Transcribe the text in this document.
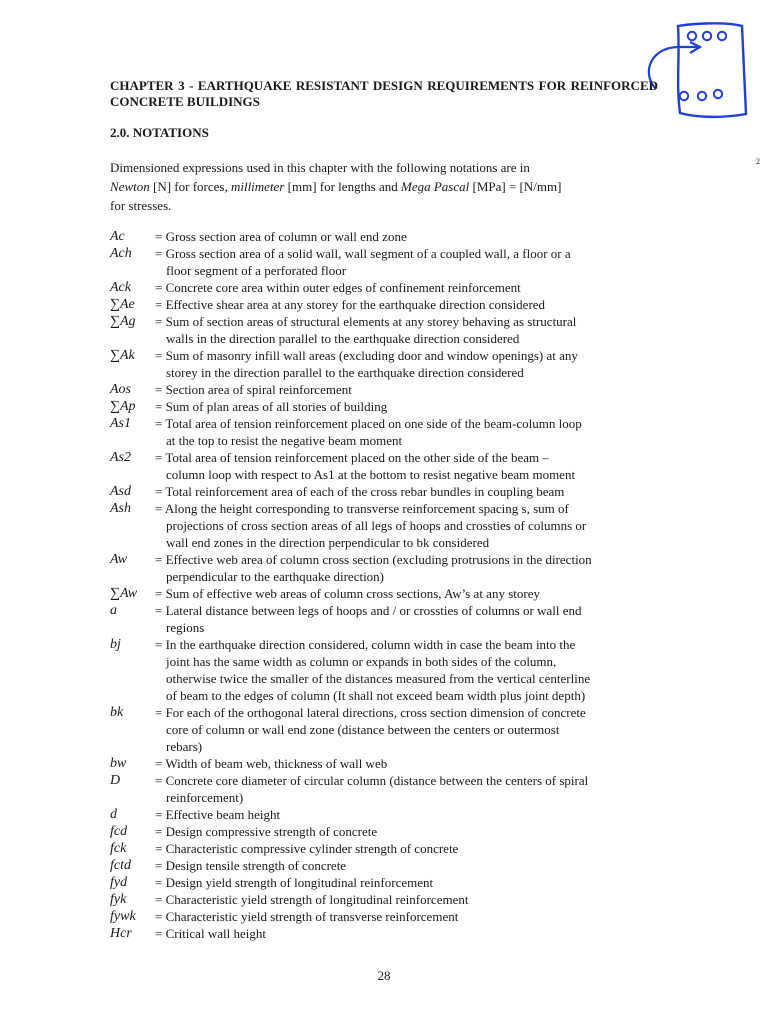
CHAPTER 3 - EARTHQUAKE RESISTANT DESIGN REQUIREMENTS FOR REINFORCED CONCRETE BUILDINGS
2.0. NOTATIONS
Dimensioned expressions used in this chapter with the following notations are in
Newton [N] for forces, millimeter [mm] for lengths and Mega Pascal [MPa] = [N/mm]
2
for stresses.
Ac	= Gross section area of column or wall end zone
Ach	= Gross section area of a solid wall, wall segment of a coupled wall, a floor or a
floor segment of a perforated floor
Ack	= Concrete core area within outer edges of confinement reinforcement
∑Ae	= Effective shear area at any storey for the earthquake direction considered
∑Ag	= Sum of section areas of structural elements at any storey behaving as structural
walls in the direction parallel to the earthquake direction considered
∑Ak	= Sum of masonry infill wall areas (excluding door and window openings) at any
storey in the direction parallel to the earthquake direction considered
Aos	= Section area of spiral reinforcement
∑Ap	= Sum of plan areas of all stories of building
As1	= Total area of tension reinforcement placed on one side of the beam-column loop
at the top to resist the negative beam moment
As2	= Total area of tension reinforcement placed on the other side of the beam –
column loop with respect to As1 at the bottom to resist negative beam moment
Asd	= Total reinforcement area of each of the cross rebar bundles in coupling beam
Ash	= Along the height corresponding to transverse reinforcement spacing s, sum of
projections of cross section areas of all legs of hoops and crossties of columns or
wall end zones in the direction perpendicular to bk considered
Aw	= Effective web area of column cross section (excluding protrusions in the direction
perpendicular to the earthquake direction)
∑Aw	= Sum of effective web areas of column cross sections, Aw’s at any storey
a	= Lateral distance between legs of hoops and / or crossties of columns or wall end
regions
bj	= In the earthquake direction considered, column width in case the beam into the
joint has the same width as column or expands in both sides of the column,
otherwise twice the smaller of the distances measured from the vertical centerline
of beam to the edges of column (It shall not exceed beam width plus joint depth)
bk	= For each of the orthogonal lateral directions, cross section dimension of concrete
core of column or wall end zone (distance between the centers or outermost
rebars)
bw	= Width of beam web, thickness of wall web
D	= Concrete core diameter of circular column (distance between the centers of spiral
reinforcement)
d	= Effective beam height
fcd	= Design compressive strength of concrete
fck	= Characteristic compressive cylinder strength of concrete
fctd	= Design tensile strength of concrete
fyd	= Design yield strength of longitudinal reinforcement
fyk	= Characteristic yield strength of longitudinal reinforcement
fywk	= Characteristic yield strength of transverse reinforcement
Hcr	= Critical wall height
28
